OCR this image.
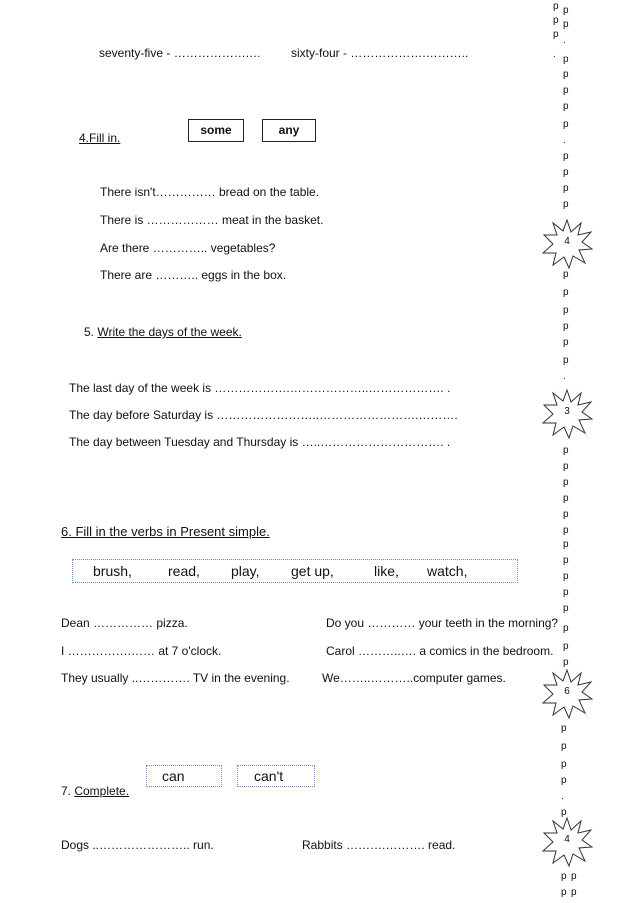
seventy-five - ……………….… sixty-four - ……………….………..
4.Fill in.
some	any
There isn't…………… bread on the table.
There is ……………… meat in the basket.
Are there ………….. vegetables?
There are ……….. eggs in the box.
5. Write the days of the week.
The last day of the week is ……………….………………..………………. .
The day before Saturday is ……………………..…………………….……….
The day between Tuesday and Thursday is …..…………………………. .
6. Fill in the verbs in Present simple.
brush,	read, play, get up,	like, watch,
Dean …………… pizza.
I …………….…… at 7 o'clock.
They usually ..…………. TV in the evening.
Do you ………… your teeth in the morning?
Carol ………..…. a comics in the bedroom.
We……..………..computer games.
can	can't
7. Complete.
Dogs ..………………….. run.	Rabbits ……….………. read.
p p
p p
p
.
. p
p
p
p
p
.
p
p
p
p
p
p
p
p
p
p
.
p
p
p
p
p
p
p
p
p
p
p
p
p
p
p
p
p
p
.
p
p p
p p
4
3
6
4
